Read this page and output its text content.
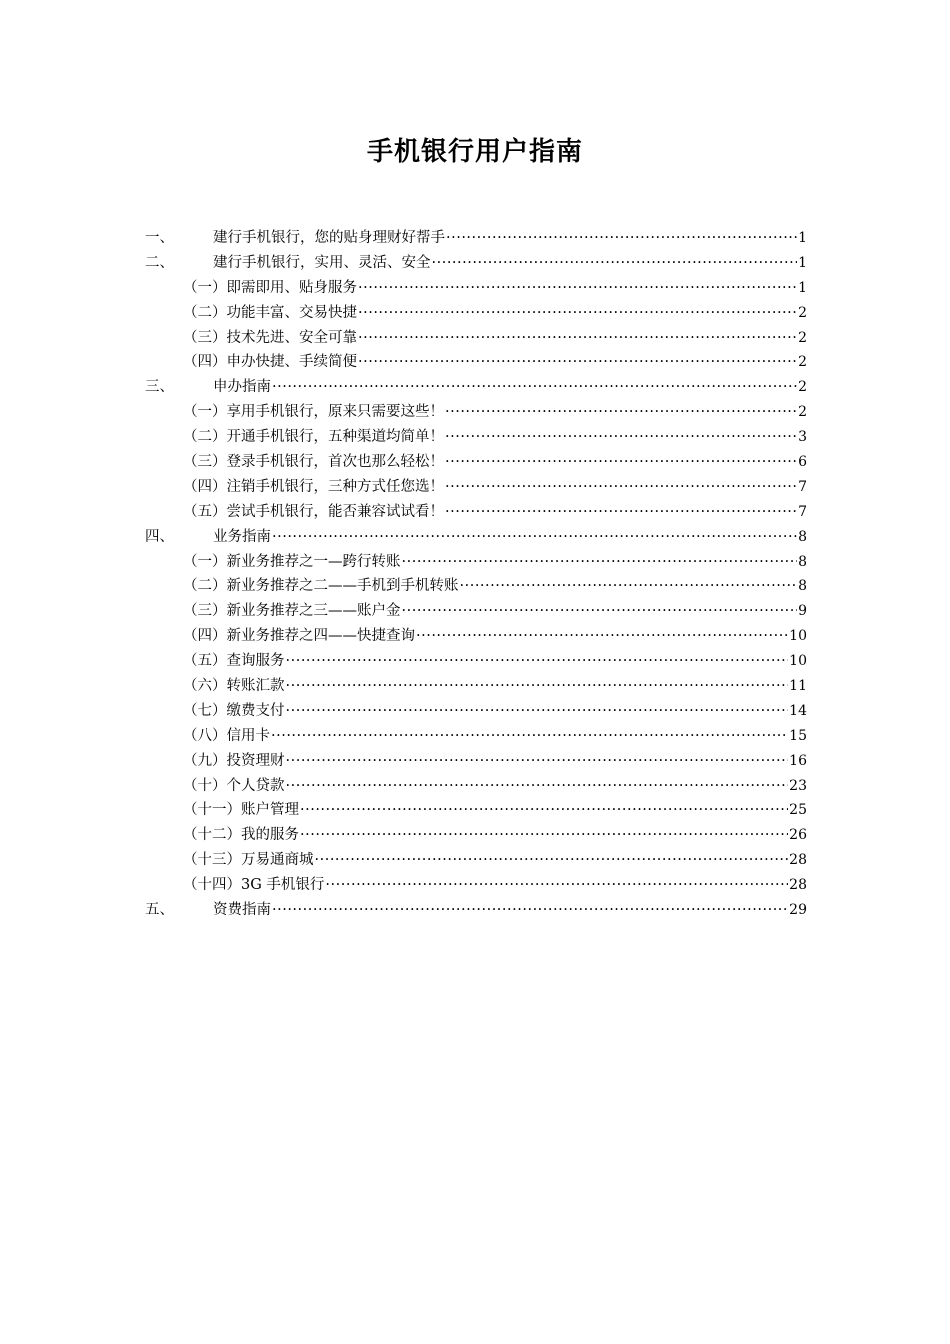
手机银行用户指南
一、	建行手机银行，您的贴身理财好帮手 ·····	1
二、	建行手机银行，实用、灵活、安全 ·····	1
（一）即需即用、贴身服务 ·····	1
（二）功能丰富、交易快捷 ·····	2
（三）技术先进、安全可靠 ·····	2
（四）申办快捷、手续简便 ·····	2
三、	申办指南 ·····	2
（一）享用手机银行，原来只需要这些！ ·····	2
（二）开通手机银行，五种渠道均简单！ ·····	3
（三）登录手机银行，首次也那么轻松！ ·····	6
（四）注销手机银行，三种方式任您选！ ·····	7
（五）尝试手机银行，能否兼容试试看！ ·····	7
四、	业务指南 ·····	8
（一）新业务推荐之一—跨行转账 ·····	8
（二）新业务推荐之二——手机到手机转账 ·····	8
（三）新业务推荐之三——账户金 ·····	9
（四）新业务推荐之四——快捷查询 ·····	10
（五）查询服务 ·····	10
（六）转账汇款 ·····	11
（七）缴费支付 ·····	14
（八）信用卡 ·····	15
（九）投资理财 ·····	16
（十）个人贷款 ·····	23
（十一）账户管理 ·····	25
（十二）我的服务 ·····	26
（十三）万易通商城 ·····	28
（十四）3G 手机银行 ·····	28
五、	资费指南 ·····	29
